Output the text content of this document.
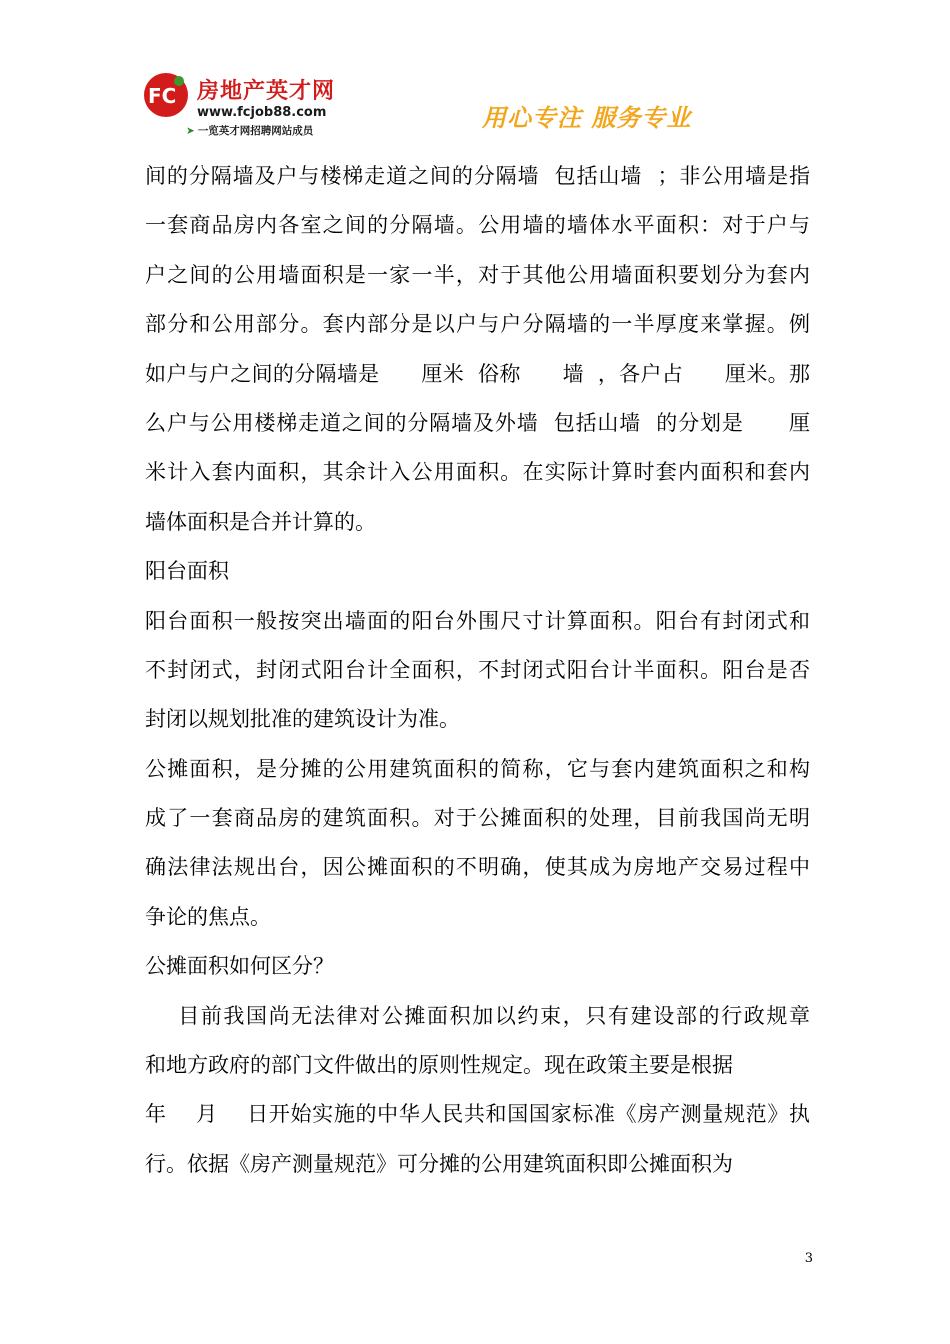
FC 房地产英才网
www.fcjob88.com
➤ 一览英才网招聘网站成员	用心专注 服务专业
间的分隔墙及户与楼梯走道之间的分隔墙  包括山墙  ；非公用墙是指
一套商品房内各室之间的分隔墙。公用墙的墙体水平面积：对于户与
户之间的公用墙面积是一家一半，对于其他公用墙面积要划分为套内
部分和公用部分。套内部分是以户与户分隔墙的一半厚度来掌握。例
如户与户之间的分隔墙是      厘米  俗称      墙  ，各户占      厘米。那
么户与公用楼梯走道之间的分隔墙及外墙  包括山墙  的分划是      厘
米计入套内面积，其余计入公用面积。在实际计算时套内面积和套内
墙体面积是合并计算的。
阳台面积
阳台面积一般按突出墙面的阳台外围尺寸计算面积。阳台有封闭式和
不封闭式，封闭式阳台计全面积，不封闭式阳台计半面积。阳台是否
封闭以规划批准的建筑设计为准。
公摊面积，是分摊的公用建筑面积的简称，它与套内建筑面积之和构
成了一套商品房的建筑面积。对于公摊面积的处理，目前我国尚无明
确法律法规出台，因公摊面积的不明确，使其成为房地产交易过程中
争论的焦点。
公摊面积如何区分？
目前我国尚无法律对公摊面积加以约束，只有建设部的行政规章
和地方政府的部门文件做出的原则性规定。现在政策主要是根据
年    月    日开始实施的中华人民共和国国家标准《房产测量规范》执
行。依据《房产测量规范》可分摊的公用建筑面积即公摊面积为
3
